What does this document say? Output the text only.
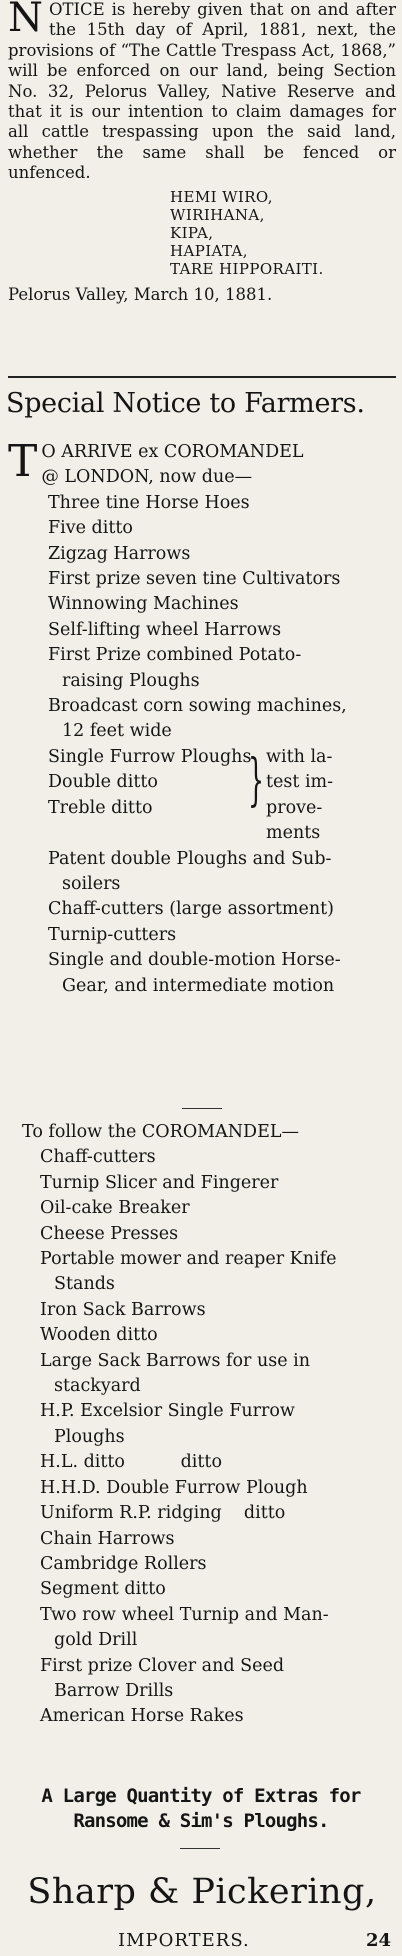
N OTICE is hereby given that on and after the 15th day of April, 1881, next, the provisions of “The Cattle Trespass Act, 1868,” will be enforced on our land, being Section No. 32, Pelorus Valley, Native Reserve and that it is our intention to claim damages for all cattle trespassing upon the said land, whether the same shall be fenced or unfenced.

HEMI WIRO,
WIRIHANA,
KIPA,
HAPIATA,
TARE HIPPORAITI.
Pelorus Valley, March 10, 1881.
Special Notice to Farmers.
T O ARRIVE ex COROMANDEL
@ LONDON, now due—
Three tine Horse Hoes
Five ditto
Zigzag Harrows
First prize seven tine Cultivators
Winnowing Machines
Self-lifting wheel Harrows
First Prize combined Potato-
raising Ploughs
Broadcast corn sowing machines,
12 feet wide
Single Furrow Ploughs
Double ditto
Treble ditto	} with la-
test im-
prove-
ments
Patent double Ploughs and Sub-
soilers
Chaff-cutters (large assortment)
Turnip-cutters
Single and double-motion Horse-
Gear, and intermediate motion
To follow the COROMANDEL—
Chaff-cutters
Turnip Slicer and Fingerer
Oil-cake Breaker
Cheese Presses
Portable mower and reaper Knife
Stands
Iron Sack Barrows
Wooden ditto
Large Sack Barrows for use in
stackyard
H.P. Excelsior Single Furrow
Ploughs
H.L. ditto          ditto
H.H.D. Double Furrow Plough
Uniform R.P. ridging    ditto
Chain Harrows
Cambridge Rollers
Segment ditto
Two row wheel Turnip and Man-
gold Drill
First prize Clover and Seed
Barrow Drills
American Horse Rakes
A Large Quantity of Extras for
Ransome & Sim's Ploughs.
Sharp & Pickering,
IMPORTERS.	24
